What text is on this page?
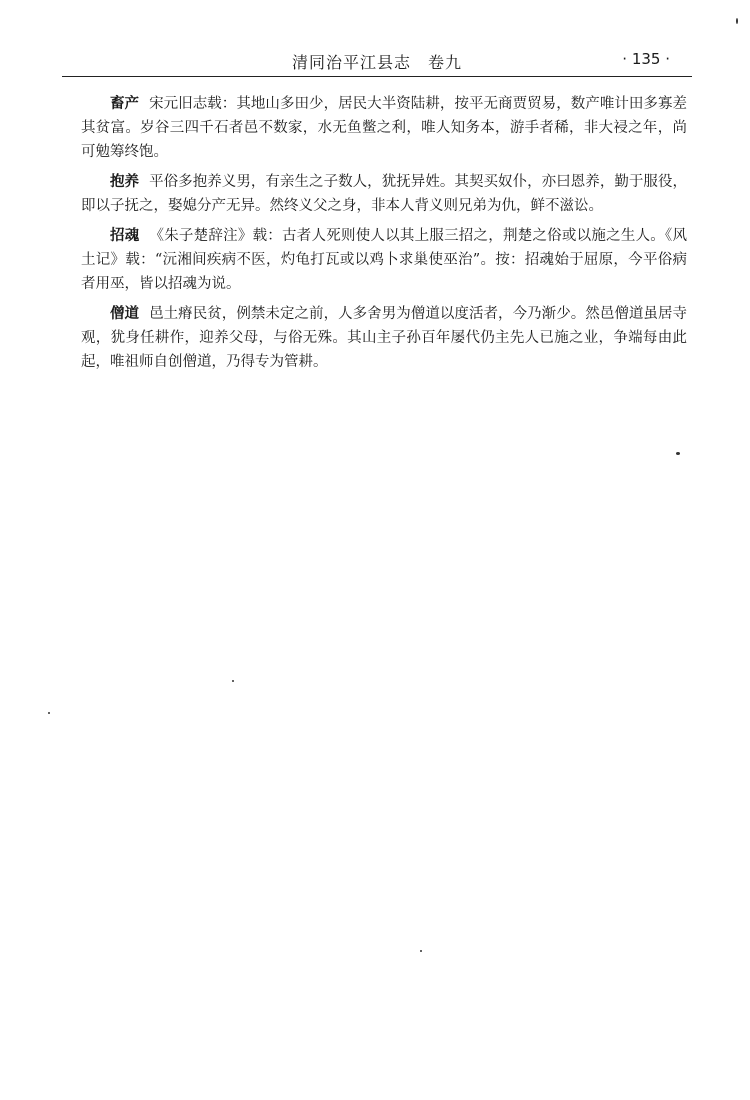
清同治平江县志　卷九	· 135 ·

畜产 宋元旧志载：其地山多田少，居民大半资陆耕，按平无商贾贸易，数产唯计田多寡差其贫富。岁谷三四千石者邑不数家，水无鱼鳖之利，唯人知务本，游手者稀，非大祲之年，尚可勉筹终饱。

抱养 平俗多抱养义男，有亲生之子数人，犹抚异姓。其契买奴仆，亦曰恩养，勤于服役，即以子抚之，娶媳分产无异。然终义父之身，非本人背义则兄弟为仇，鲜不滋讼。

招魂 《朱子楚辞注》载：古者人死则使人以其上服三招之，荆楚之俗或以施之生人。《风土记》载：“沅湘间疾病不医，灼龟打瓦或以鸡卜求巢使巫治”。按：招魂始于屈原，今平俗病者用巫，皆以招魂为说。

僧道 邑土瘠民贫，例禁未定之前，人多舍男为僧道以度活者，今乃渐少。然邑僧道虽居寺观，犹身任耕作，迎养父母，与俗无殊。其山主子孙百年屡代仍主先人已施之业，争端每由此起，唯祖师自创僧道，乃得专为管耕。
